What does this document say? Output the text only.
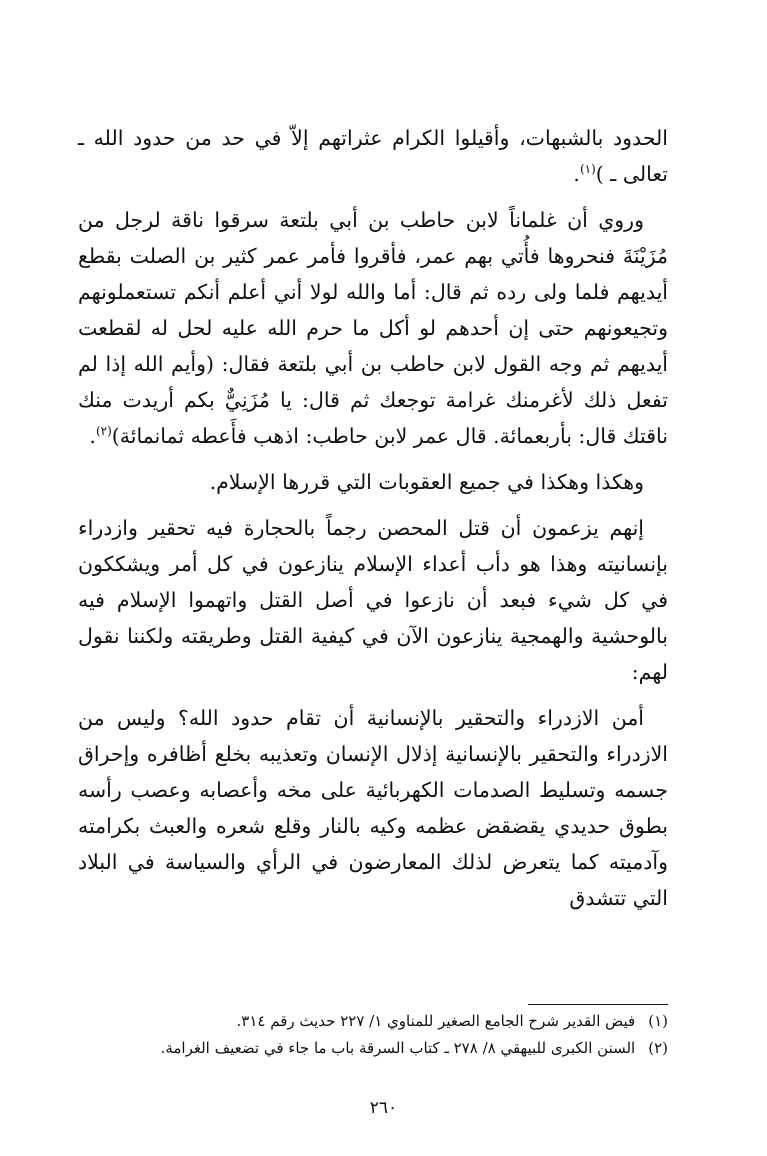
الحدود بالشبهات، وأقيلوا الكرام عثراتهم إلاّ في حد من حدود الله ـ تعالى ـ )$^{(١)}$.

وروي أن غلماناً لابن حاطب بن أبي بلتعة سرقوا ناقة لرجل من مُزَيْنَةَ فنحروها فأُتي بهم عمر، فأقروا فأمر عمر كثير بن الصلت بقطع أيديهم فلما ولى رده ثم قال: أما والله لولا أني أعلم أنكم تستعملونهم وتجيعونهم حتى إن أحدهم لو أكل ما حرم الله عليه لحل له لقطعت أيديهم ثم وجه القول لابن حاطب بن أبي بلتعة فقال: (وأيم الله إذا لم تفعل ذلك لأغرمنك غرامة توجعك ثم قال: يا مُزَنِيٌّ بكم أريدت منك ناقتك قال: بأربعمائة. قال عمر لابن حاطب: اذهب فأَعطه ثمانمائة)$^{(٢)}$.

وهكذا وهكذا في جميع العقوبات التي قررها الإسلام.

إنهم يزعمون أن قتل المحصن رجماً بالحجارة فيه تحقير وازدراء بإنسانيته وهذا هو دأب أعداء الإسلام ينازعون في كل أمر ويشككون في كل شيء فبعد أن نازعوا في أصل القتل واتهموا الإسلام فيه بالوحشية والهمجية ينازعون الآن في كيفية القتل وطريقته ولكننا نقول لهم:

أمن الازدراء والتحقير بالإنسانية أن تقام حدود الله؟ وليس من الازدراء والتحقير بالإنسانية إذلال الإنسان وتعذيبه بخلع أظافره وإحراق جسمه وتسليط الصدمات الكهربائية على مخه وأعصابه وعصب رأسه بطوق حديدي يقضقض عظمه وكيه بالنار وقلع شعره والعبث بكرامته وآدميته كما يتعرض لذلك المعارضون في الرأي والسياسة في البلاد التي تتشدق

(١) فيض القدير شرح الجامع الصغير للمناوي ١/ ٢٢٧ حديث رقم ٣١٤.

(٢) السنن الكبرى للبيهقي ٨/ ٢٧٨ ـ كتاب السرقة باب ما جاء في تضعيف الغرامة.

٢٦٠
